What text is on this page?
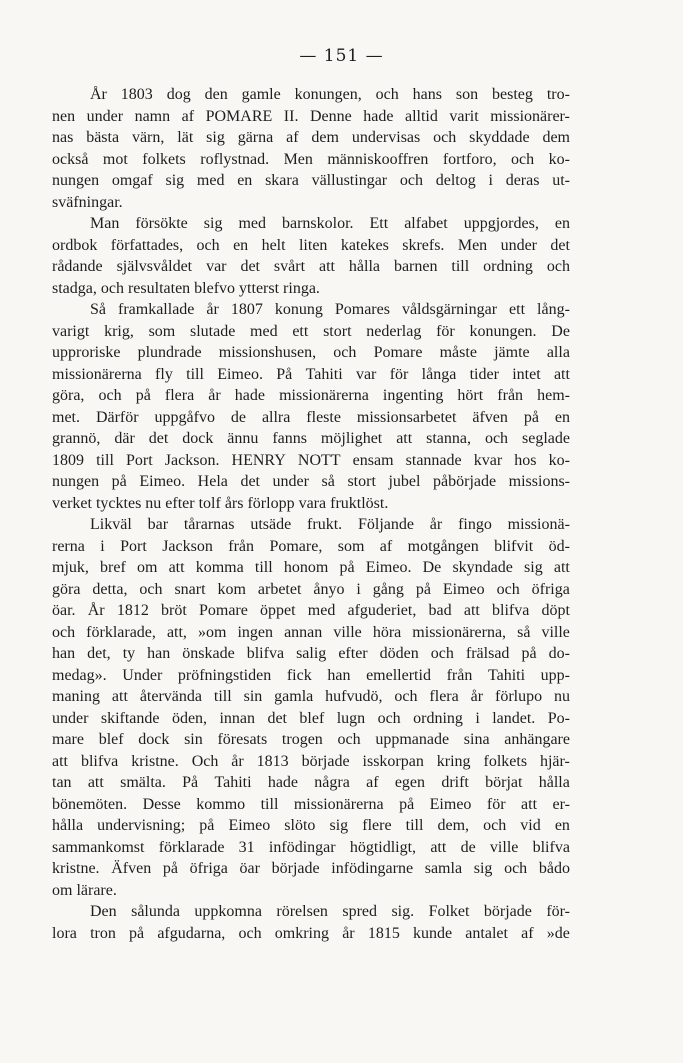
— 151 —
År 1803 dog den gamle konungen, och hans son besteg tro-
nen under namn af POMARE II. Denne hade alltid varit missionärer-
nas bästa värn, lät sig gärna af dem undervisas och skyddade dem
också mot folkets roflystnad. Men människooffren fortforo, och ko-
nungen omgaf sig med en skara vällustingar och deltog i deras ut-
sväfningar.
Man försökte sig med barnskolor. Ett alfabet uppgjordes, en
ordbok författades, och en helt liten katekes skrefs. Men under det
rådande självsvåldet var det svårt att hålla barnen till ordning och
stadga, och resultaten blefvo ytterst ringa.
Så framkallade år 1807 konung Pomares våldsgärningar ett lång-
varigt krig, som slutade med ett stort nederlag för konungen. De
upproriske plundrade missionshusen, och Pomare måste jämte alla
missionärerna fly till Eimeo. På Tahiti var för långa tider intet att
göra, och på flera år hade missionärerna ingenting hört från hem-
met. Därför uppgåfvo de allra fleste missionsarbetet äfven på en
grannö, där det dock ännu fanns möjlighet att stanna, och seglade
1809 till Port Jackson. HENRY NOTT ensam stannade kvar hos ko-
nungen på Eimeo. Hela det under så stort jubel påbörjade missions-
verket tycktes nu efter tolf års förlopp vara fruktlöst.
Likväl bar tårarnas utsäde frukt. Följande år fingo missionä-
rerna i Port Jackson från Pomare, som af motgången blifvit öd-
mjuk, bref om att komma till honom på Eimeo. De skyndade sig att
göra detta, och snart kom arbetet ånyo i gång på Eimeo och öfriga
öar. År 1812 bröt Pomare öppet med afguderiet, bad att blifva döpt
och förklarade, att, »om ingen annan ville höra missionärerna, så ville
han det, ty han önskade blifva salig efter döden och frälsad på do-
medag». Under pröfningstiden fick han emellertid från Tahiti upp-
maning att återvända till sin gamla hufvudö, och flera år förlupo nu
under skiftande öden, innan det blef lugn och ordning i landet. Po-
mare blef dock sin föresats trogen och uppmanade sina anhängare
att blifva kristne. Och år 1813 började isskorpan kring folkets hjär-
tan att smälta. På Tahiti hade några af egen drift börjat hålla
bönemöten. Desse kommo till missionärerna på Eimeo för att er-
hålla undervisning; på Eimeo slöto sig flere till dem, och vid en
sammankomst förklarade 31 infödingar högtidligt, att de ville blifva
kristne. Äfven på öfriga öar började infödingarne samla sig och bådo
om lärare.
Den sålunda uppkomna rörelsen spred sig. Folket började för-
lora tron på afgudarna, och omkring år 1815 kunde antalet af »de
